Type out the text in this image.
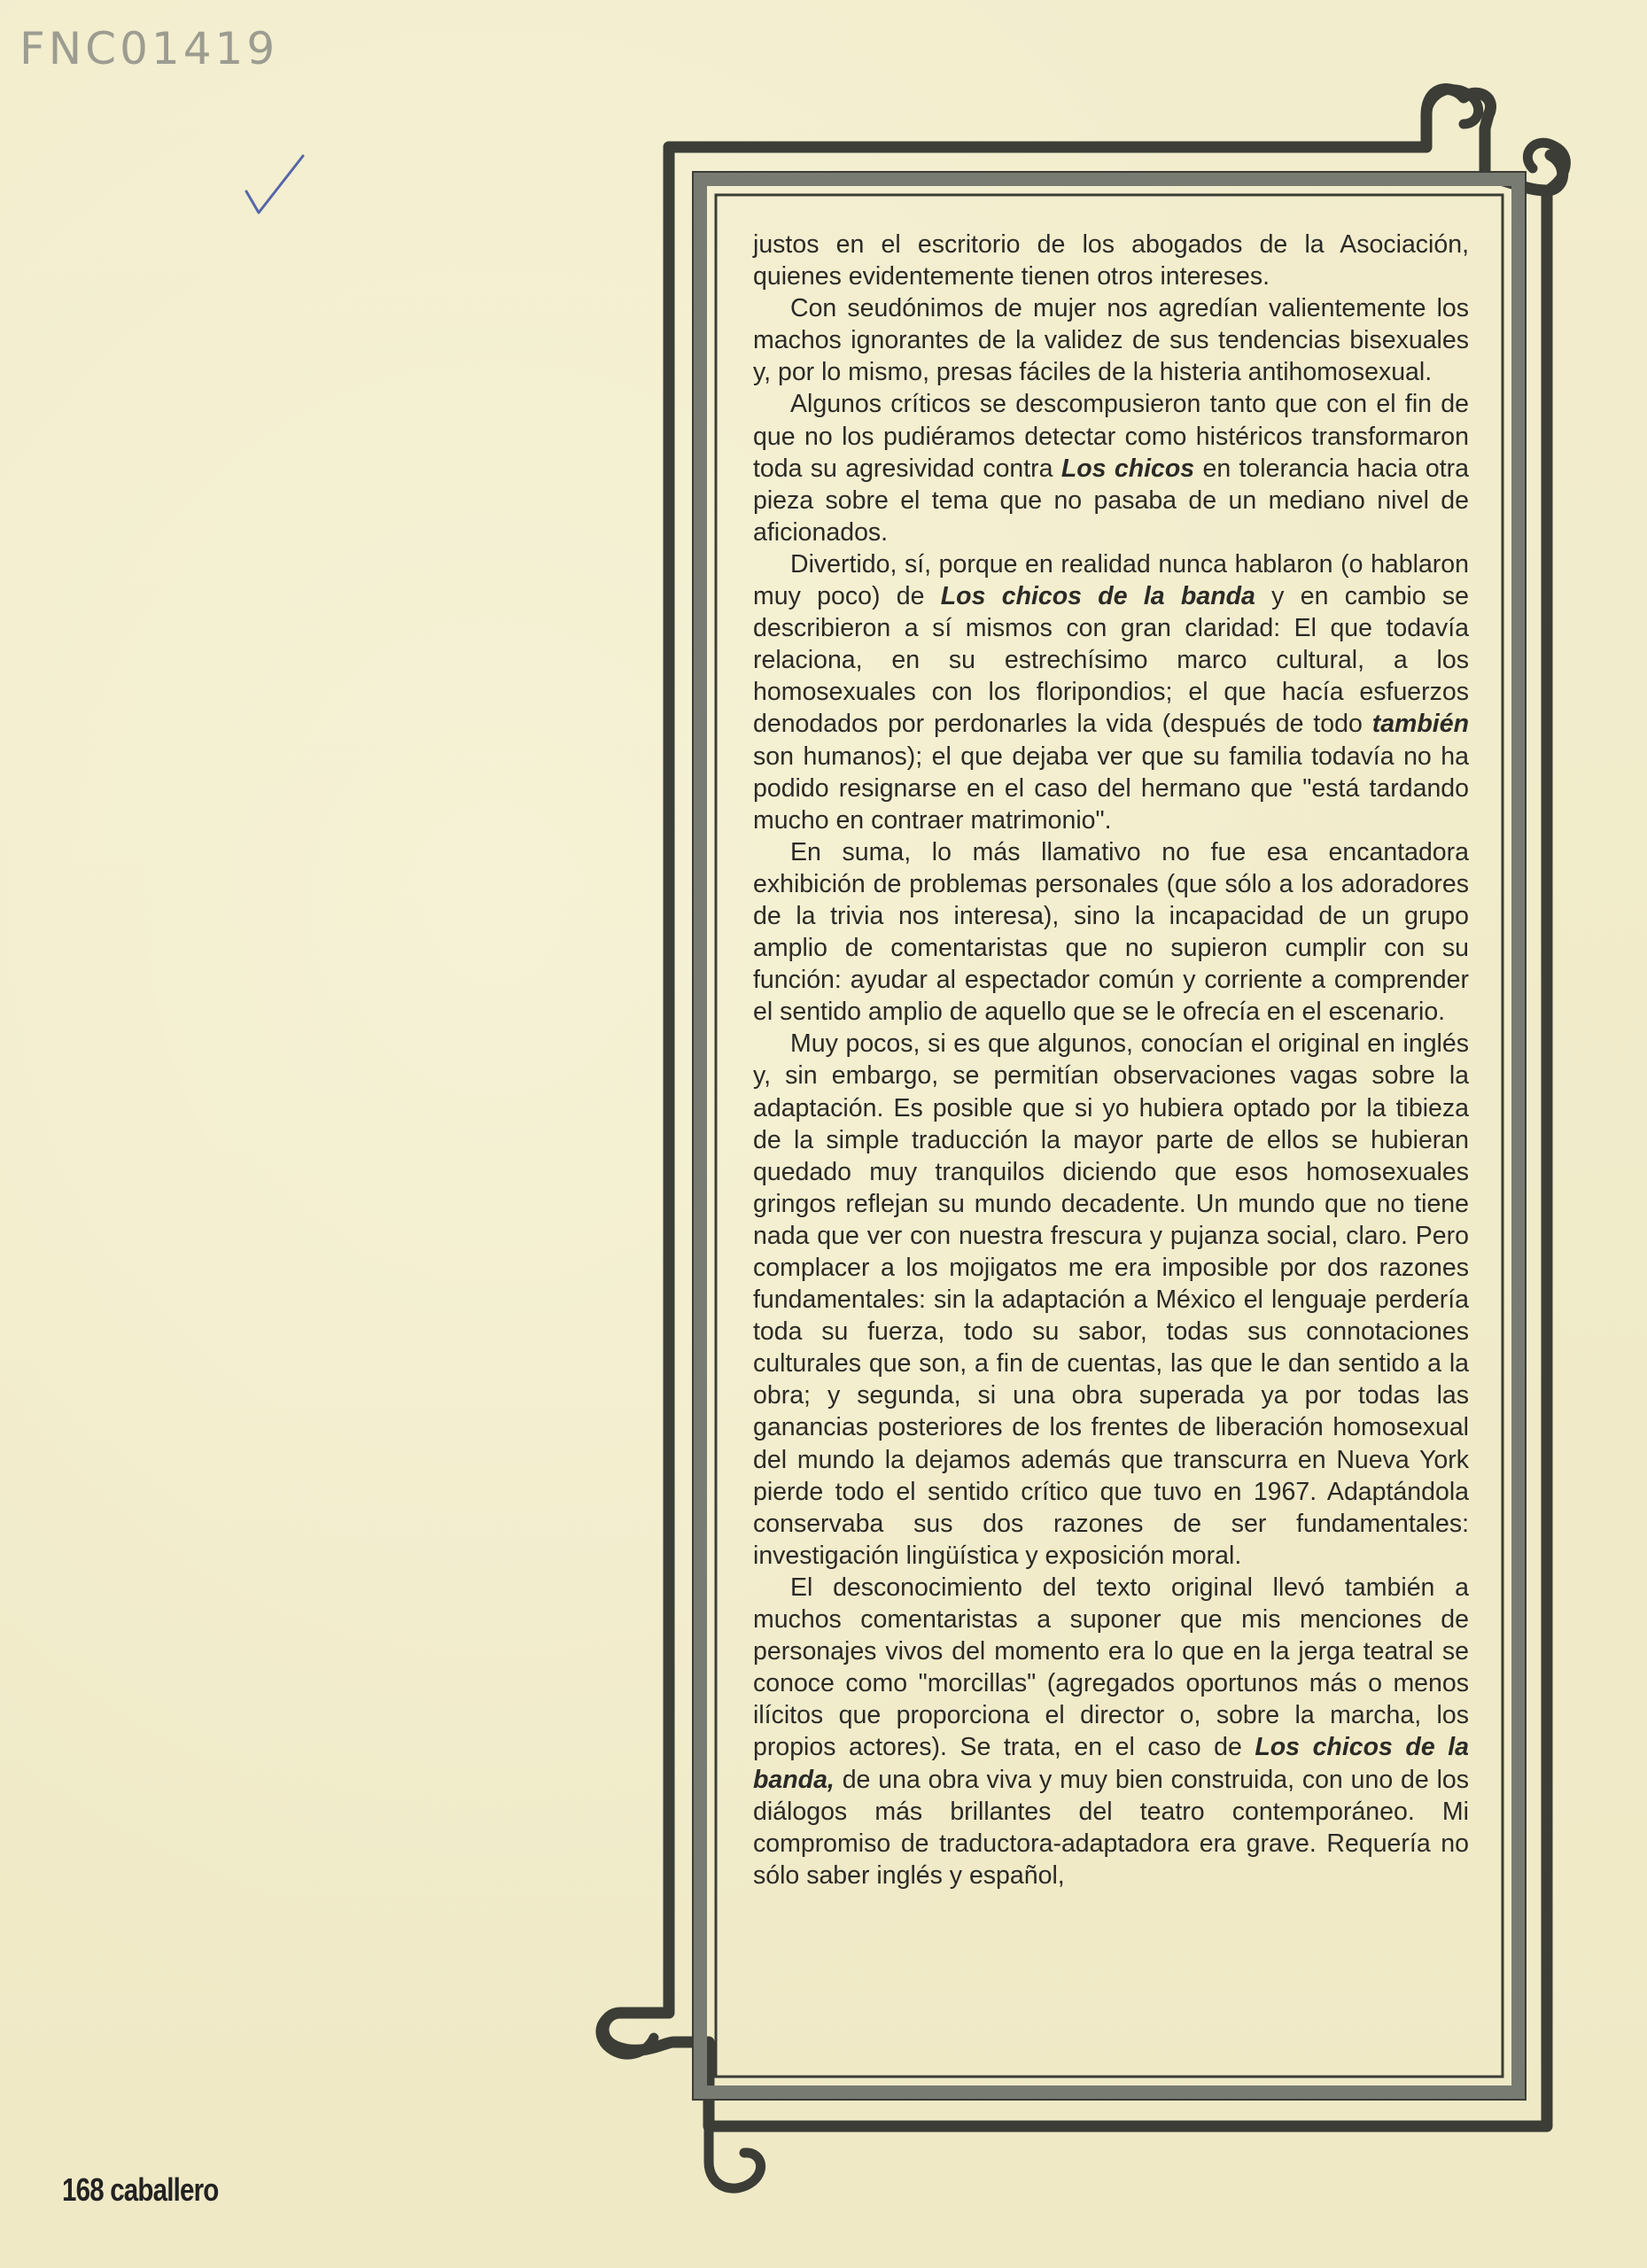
FNC01419

justos en el escritorio de los abogados de la Asociación, quienes evidentemente tienen otros intereses.

Con seudónimos de mujer nos agredían valientemente los machos ignorantes de la validez de sus tendencias bisexuales y, por lo mismo, presas fáciles de la histeria antihomosexual.

Algunos críticos se descompusieron tanto que con el fin de que no los pudiéramos detectar como histéricos transformaron toda su agresividad contra Los chicos en tolerancia hacia otra pieza sobre el tema que no pasaba de un mediano nivel de aficionados.

Divertido, sí, porque en realidad nunca hablaron (o hablaron muy poco) de Los chicos de la banda y en cambio se describieron a sí mismos con gran claridad: El que todavía relaciona, en su estrechísimo marco cultural, a los homosexuales con los floripondios; el que hacía esfuerzos denodados por perdonarles la vida (después de todo también son humanos); el que dejaba ver que su familia todavía no ha podido resignarse en el caso del hermano que "está tardando mucho en contraer matrimonio".

En suma, lo más llamativo no fue esa encantadora exhibición de problemas personales (que sólo a los adoradores de la trivia nos interesa), sino la incapacidad de un grupo amplio de comentaristas que no supieron cumplir con su función: ayudar al espectador común y corriente a comprender el sentido amplio de aquello que se le ofrecía en el escenario.

Muy pocos, si es que algunos, conocían el original en inglés y, sin embargo, se permitían observaciones vagas sobre la adaptación. Es posible que si yo hubiera optado por la tibieza de la simple traducción la mayor parte de ellos se hubieran quedado muy tranquilos diciendo que esos homosexuales gringos reflejan su mundo decadente. Un mundo que no tiene nada que ver con nuestra frescura y pujanza social, claro. Pero complacer a los mojigatos me era imposible por dos razones fundamentales: sin la adaptación a México el lenguaje perdería toda su fuerza, todo su sabor, todas sus connotaciones culturales que son, a fin de cuentas, las que le dan sentido a la obra; y segunda, si una obra superada ya por todas las ganancias posteriores de los frentes de liberación homosexual del mundo la dejamos además que transcurra en Nueva York pierde todo el sentido crítico que tuvo en 1967. Adaptándola conservaba sus dos razones de ser fundamentales: investigación lingüística y exposición moral.

El desconocimiento del texto original llevó también a muchos comentaristas a suponer que mis menciones de personajes vivos del momento era lo que en la jerga teatral se conoce como "morcillas" (agregados oportunos más o menos ilícitos que proporciona el director o, sobre la marcha, los propios actores). Se trata, en el caso de Los chicos de la banda, de una obra viva y muy bien construida, con uno de los diálogos más brillantes del teatro contemporáneo. Mi compromiso de traductora-adaptadora era grave. Requería no sólo saber inglés y español,

168 caballero
